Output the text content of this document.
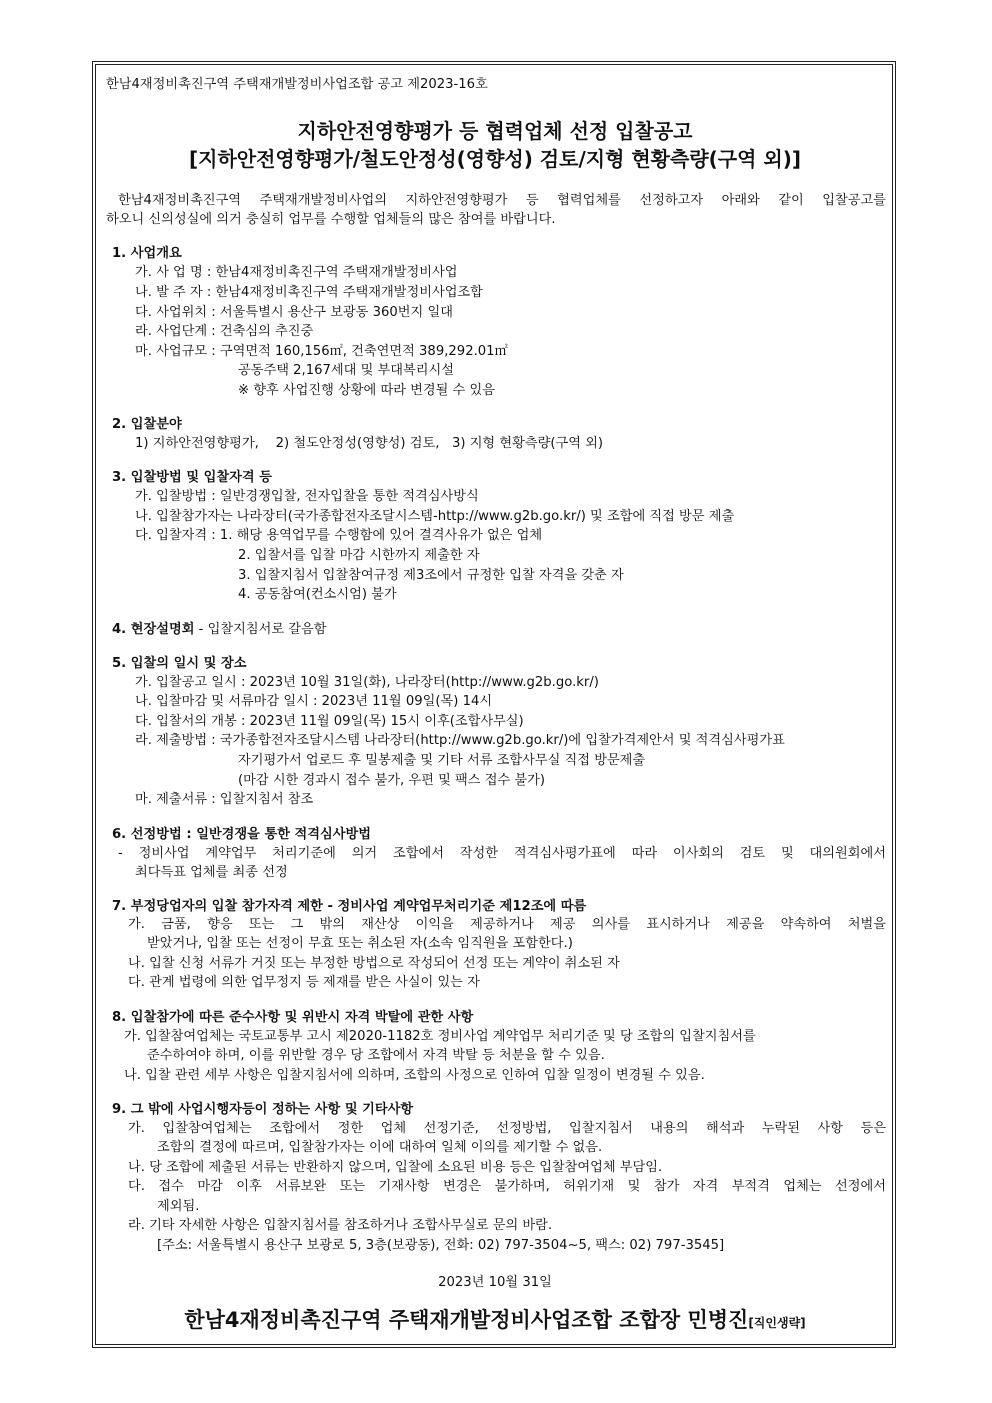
한남4재정비촉진구역 주택재개발정비사업조합 공고 제2023-16호
지하안전영향평가 등 협력업체 선정 입찰공고
[지하안전영향평가/철도안정성(영향성) 검토/지형 현황측량(구역 외)]
한남4재정비촉진구역 주택재개발정비사업의 지하안전영향평가 등 협력업체를 선정하고자 아래와 같이 입찰공고를
하오니 신의성실에 의거 충실히 업무를 수행할 업체들의 많은 참여를 바랍니다.
1. 사업개요
가. 사 업 명 : 한남4재정비촉진구역 주택재개발정비사업
나. 발 주 자 : 한남4재정비촉진구역 주택재개발정비사업조합
다. 사업위치 : 서울특별시 용산구 보광동 360번지 일대
라. 사업단계 : 건축심의 추진중
마. 사업규모 : 구역면적 160,156㎡, 건축연면적 389,292.01㎡
공동주택 2,167세대 및 부대복리시설
※ 향후 사업진행 상황에 따라 변경될 수 있음
2. 입찰분야
1) 지하안전영향평가,    2) 철도안정성(영향성) 검토,   3) 지형 현황측량(구역 외)
3. 입찰방법 및 입찰자격 등
가. 입찰방법 : 일반경쟁입찰, 전자입찰을 통한 적격심사방식
나. 입찰참가자는 나라장터(국가종합전자조달시스템-http://www.g2b.go.kr/) 및 조합에 직접 방문 제출
다. 입찰자격 : 1. 해당 용역업무를 수행함에 있어 결격사유가 없은 업체
2. 입찰서를 입찰 마감 시한까지 제출한 자
3. 입찰지침서 입찰참여규정 제3조에서 규정한 입찰 자격을 갖춘 자
4. 공동참여(컨소시엄) 불가
4. 현장설명회 - 입찰지침서로 갈음함
5. 입찰의 일시 및 장소
가. 입찰공고 일시 : 2023년 10월 31일(화), 나라장터(http://www.g2b.go.kr/)
나. 입찰마감 및 서류마감 일시 : 2023년 11월 09일(목) 14시
다. 입찰서의 개봉 : 2023년 11월 09일(목) 15시 이후(조합사무실)
라. 제출방법 : 국가종합전자조달시스템 나라장터(http://www.g2b.go.kr/)에 입찰가격제안서 및 적격심사평가표
자기평가서 업로드 후 밀봉제출 및 기타 서류 조합사무실 직접 방문제출
(마감 시한 경과시 접수 불가, 우편 및 팩스 접수 불가)
마. 제출서류 : 입찰지침서 참조
6. 선정방법 : 일반경쟁을 통한 적격심사방법
- 정비사업 계약업무 처리기준에 의거 조합에서 작성한 적격심사평가표에 따라 이사회의 검토 및 대의원회에서
최다득표 업체를 최종 선정
7. 부정당업자의 입찰 참가자격 제한 - 정비사업 계약업무처리기준 제12조에 따름
가. 금품, 향응 또는 그 밖의 재산상 이익을 제공하거나 제공 의사를 표시하거나 제공을 약속하여 처벌을
받았거나, 입찰 또는 선정이 무효 또는 취소된 자(소속 임직원을 포함한다.)
나. 입찰 신청 서류가 거짓 또는 부정한 방법으로 작성되어 선정 또는 계약이 취소된 자
다. 관계 법령에 의한 업무정지 등 제재를 받은 사실이 있는 자
8. 입찰참가에 따른 준수사항 및 위반시 자격 박탈에 관한 사항
가. 입찰참여업체는 국토교통부 고시 제2020-1182호 정비사업 계약업무 처리기준 및 당 조합의 입찰지침서를
준수하여야 하며, 이를 위반할 경우 당 조합에서 자격 박탈 등 처분을 할 수 있음.
나. 입찰 관련 세부 사항은 입찰지침서에 의하며, 조합의 사정으로 인하여 입찰 일정이 변경될 수 있음.
9. 그 밖에 사업시행자등이 정하는 사항 및 기타사항
가. 입찰참여업체는 조합에서 정한 업체 선정기준, 선정방법, 입찰지침서 내용의 해석과 누락된 사항 등은
조합의 결정에 따르며, 입찰참가자는 이에 대하여 일체 이의를 제기할 수 없음.
나. 당 조합에 제출된 서류는 반환하지 않으며, 입찰에 소요된 비용 등은 입찰참여업체 부담임.
다. 접수 마감 이후 서류보완 또는 기재사항 변경은 불가하며, 허위기재 및 참가 자격 부적격 업체는 선정에서
제외됨.
라. 기타 자세한 사항은 입찰지침서를 참조하거나 조합사무실로 문의 바람.
[주소: 서울특별시 용산구 보광로 5, 3층(보광동), 전화: 02) 797-3504~5, 팩스: 02) 797-3545]
2023년 10월 31일
한남4재정비촉진구역 주택재개발정비사업조합 조합장 민병진[직인생략]
